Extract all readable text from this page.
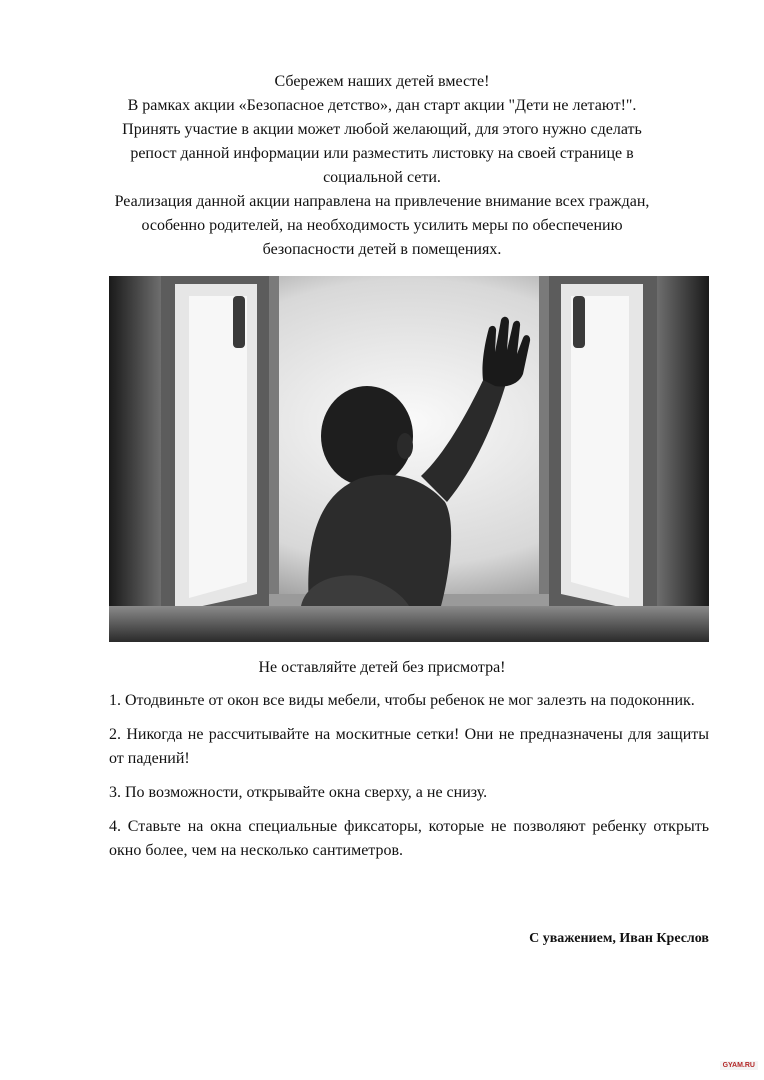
Сбережем наших детей вместе!

В рамках акции «Безопасное детство», дан старт акции "Дети не летают!". Принять участие в акции может любой желающий, для этого нужно сделать репост данной информации или разместить листовку на своей странице в социальной сети.

Реализация данной акции направлена на привлечение внимание всех граждан, особенно родителей, на необходимость усилить меры по обеспечению безопасности детей в помещениях.

Не оставляйте детей без присмотра!

1. Отодвиньте от окон все виды мебели, чтобы ребенок не мог залезть на подоконник.

2. Никогда не рассчитывайте на москитные сетки! Они не предназначены для защиты от падений!

3. По возможности, открывайте окна сверху, а не снизу.

4. Ставьте на окна специальные фиксаторы, которые не позволяют ребенку открыть окно более, чем на несколько сантиметров.

С уважением, Иван Креслов
GYAM.RU
